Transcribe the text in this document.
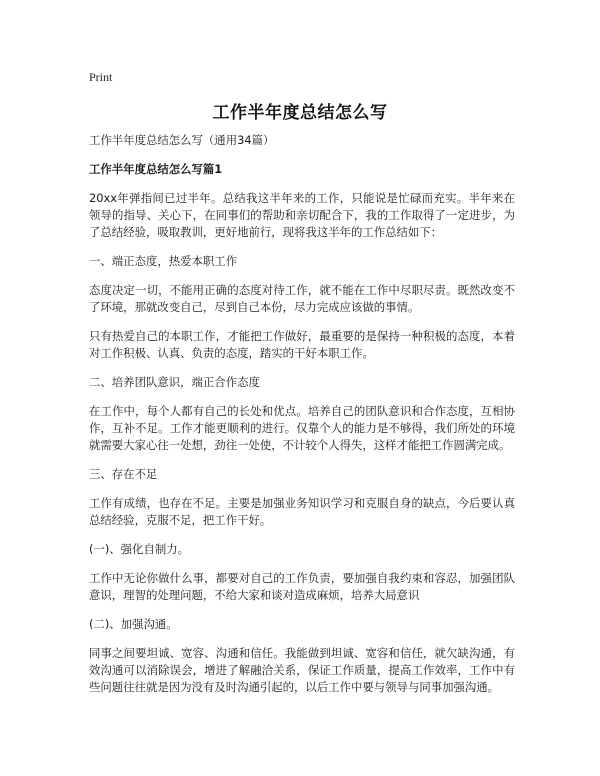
Print
工作半年度总结怎么写
工作半年度总结怎么写（通用34篇）
工作半年度总结怎么写篇1
20xx年弹指间已过半年。总结我这半年来的工作，只能说是忙碌而充实。半年来在领导的指导、关心下，在同事们的帮助和亲切配合下，我的工作取得了一定进步，为了总结经验，吸取教训，更好地前行，现将我这半年的工作总结如下：
一、端正态度，热爱本职工作
态度决定一切，不能用正确的态度对待工作，就不能在工作中尽职尽责。既然改变不了环境，那就改变自己，尽到自己本份，尽力完成应该做的事情。
只有热爱自己的本职工作，才能把工作做好，最重要的是保持一种积极的态度，本着对工作积极、认真、负责的态度，踏实的干好本职工作。
二、培养团队意识，端正合作态度
在工作中，每个人都有自己的长处和优点。培养自己的团队意识和合作态度，互相协作，互补不足。工作才能更顺利的进行。仅靠个人的能力是不够得，我们所处的环境就需要大家心往一处想，劲往一处使，不计较个人得失，这样才能把工作圆满完成。
三、存在不足
工作有成绩，也存在不足。主要是加强业务知识学习和克服自身的缺点，今后要认真总结经验，克服不足，把工作干好。
(一)、强化自制力。
工作中无论你做什么事，都要对自己的工作负责，要加强自我约束和容忍，加强团队意识，理智的处理问题，不给大家和谈对造成麻烦，培养大局意识
(二)、加强沟通。
同事之间要坦诚、宽容、沟通和信任。我能做到坦诚、宽容和信任，就欠缺沟通，有效沟通可以消除误会，增进了解融洽关系，保证工作质量，提高工作效率，工作中有些问题往往就是因为没有及时沟通引起的，以后工作中要与领导与同事加强沟通。
